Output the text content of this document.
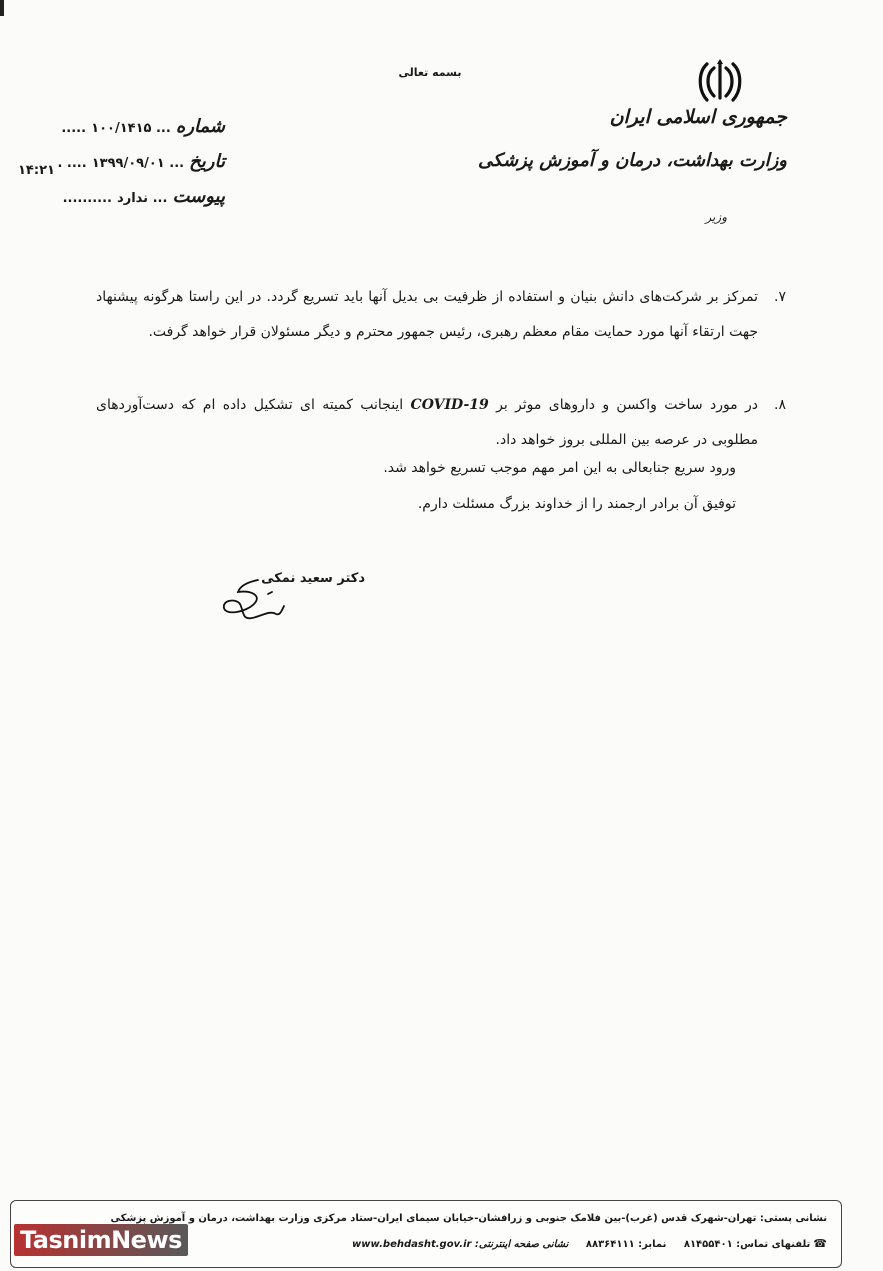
بسمه تعالی
جمهوری اسلامی ایران
وزارت بهداشت، درمان و آموزش پزشکی
وزیر
شماره ... ۱۰۰/۱۴۱۵ .....
تاریخ ... ۱۳۹۹/۰۹/۰۱ .... .
پیوست ... ندارد ..........
۱۴:۲۱
۷.
تمرکز بر شرکت‌های دانش بنیان و استفاده از ظرفیت بی بدیل آنها باید تسریع گردد. در این راستا هرگونه پیشنهاد جهت ارتقاء آنها مورد حمایت مقام معظم رهبری، رئیس جمهور محترم و دیگر مسئولان قرار خواهد گرفت.
۸.
در مورد ساخت واکسن و داروهای موثر بر COVID-19 اینجانب کمیته ای تشکیل داده ام که دست‌آوردهای مطلوبی در عرصه بین المللی بروز خواهد داد.
ورود سریع جنابعالی به این امر مهم موجب تسریع خواهد شد.
توفیق آن برادر ارجمند را از خداوند بزرگ مسئلت دارم.
دکتر سعید نمکی
نشانی پستی: تهران-شهرک قدس (غرب)-بین فلامک جنوبی و زرافشان-خیابان سیمای ایران-ستاد مرکزی وزارت بهداشت، درمان و آموزش پزشکی
☎تلفنهای تماس: ۸۱۴۵۵۴۰۱ نمابر: ۸۸۳۶۴۱۱۱ نشانی صفحه اینترنتی: www.behdasht.gov.ir
TasnimNews
